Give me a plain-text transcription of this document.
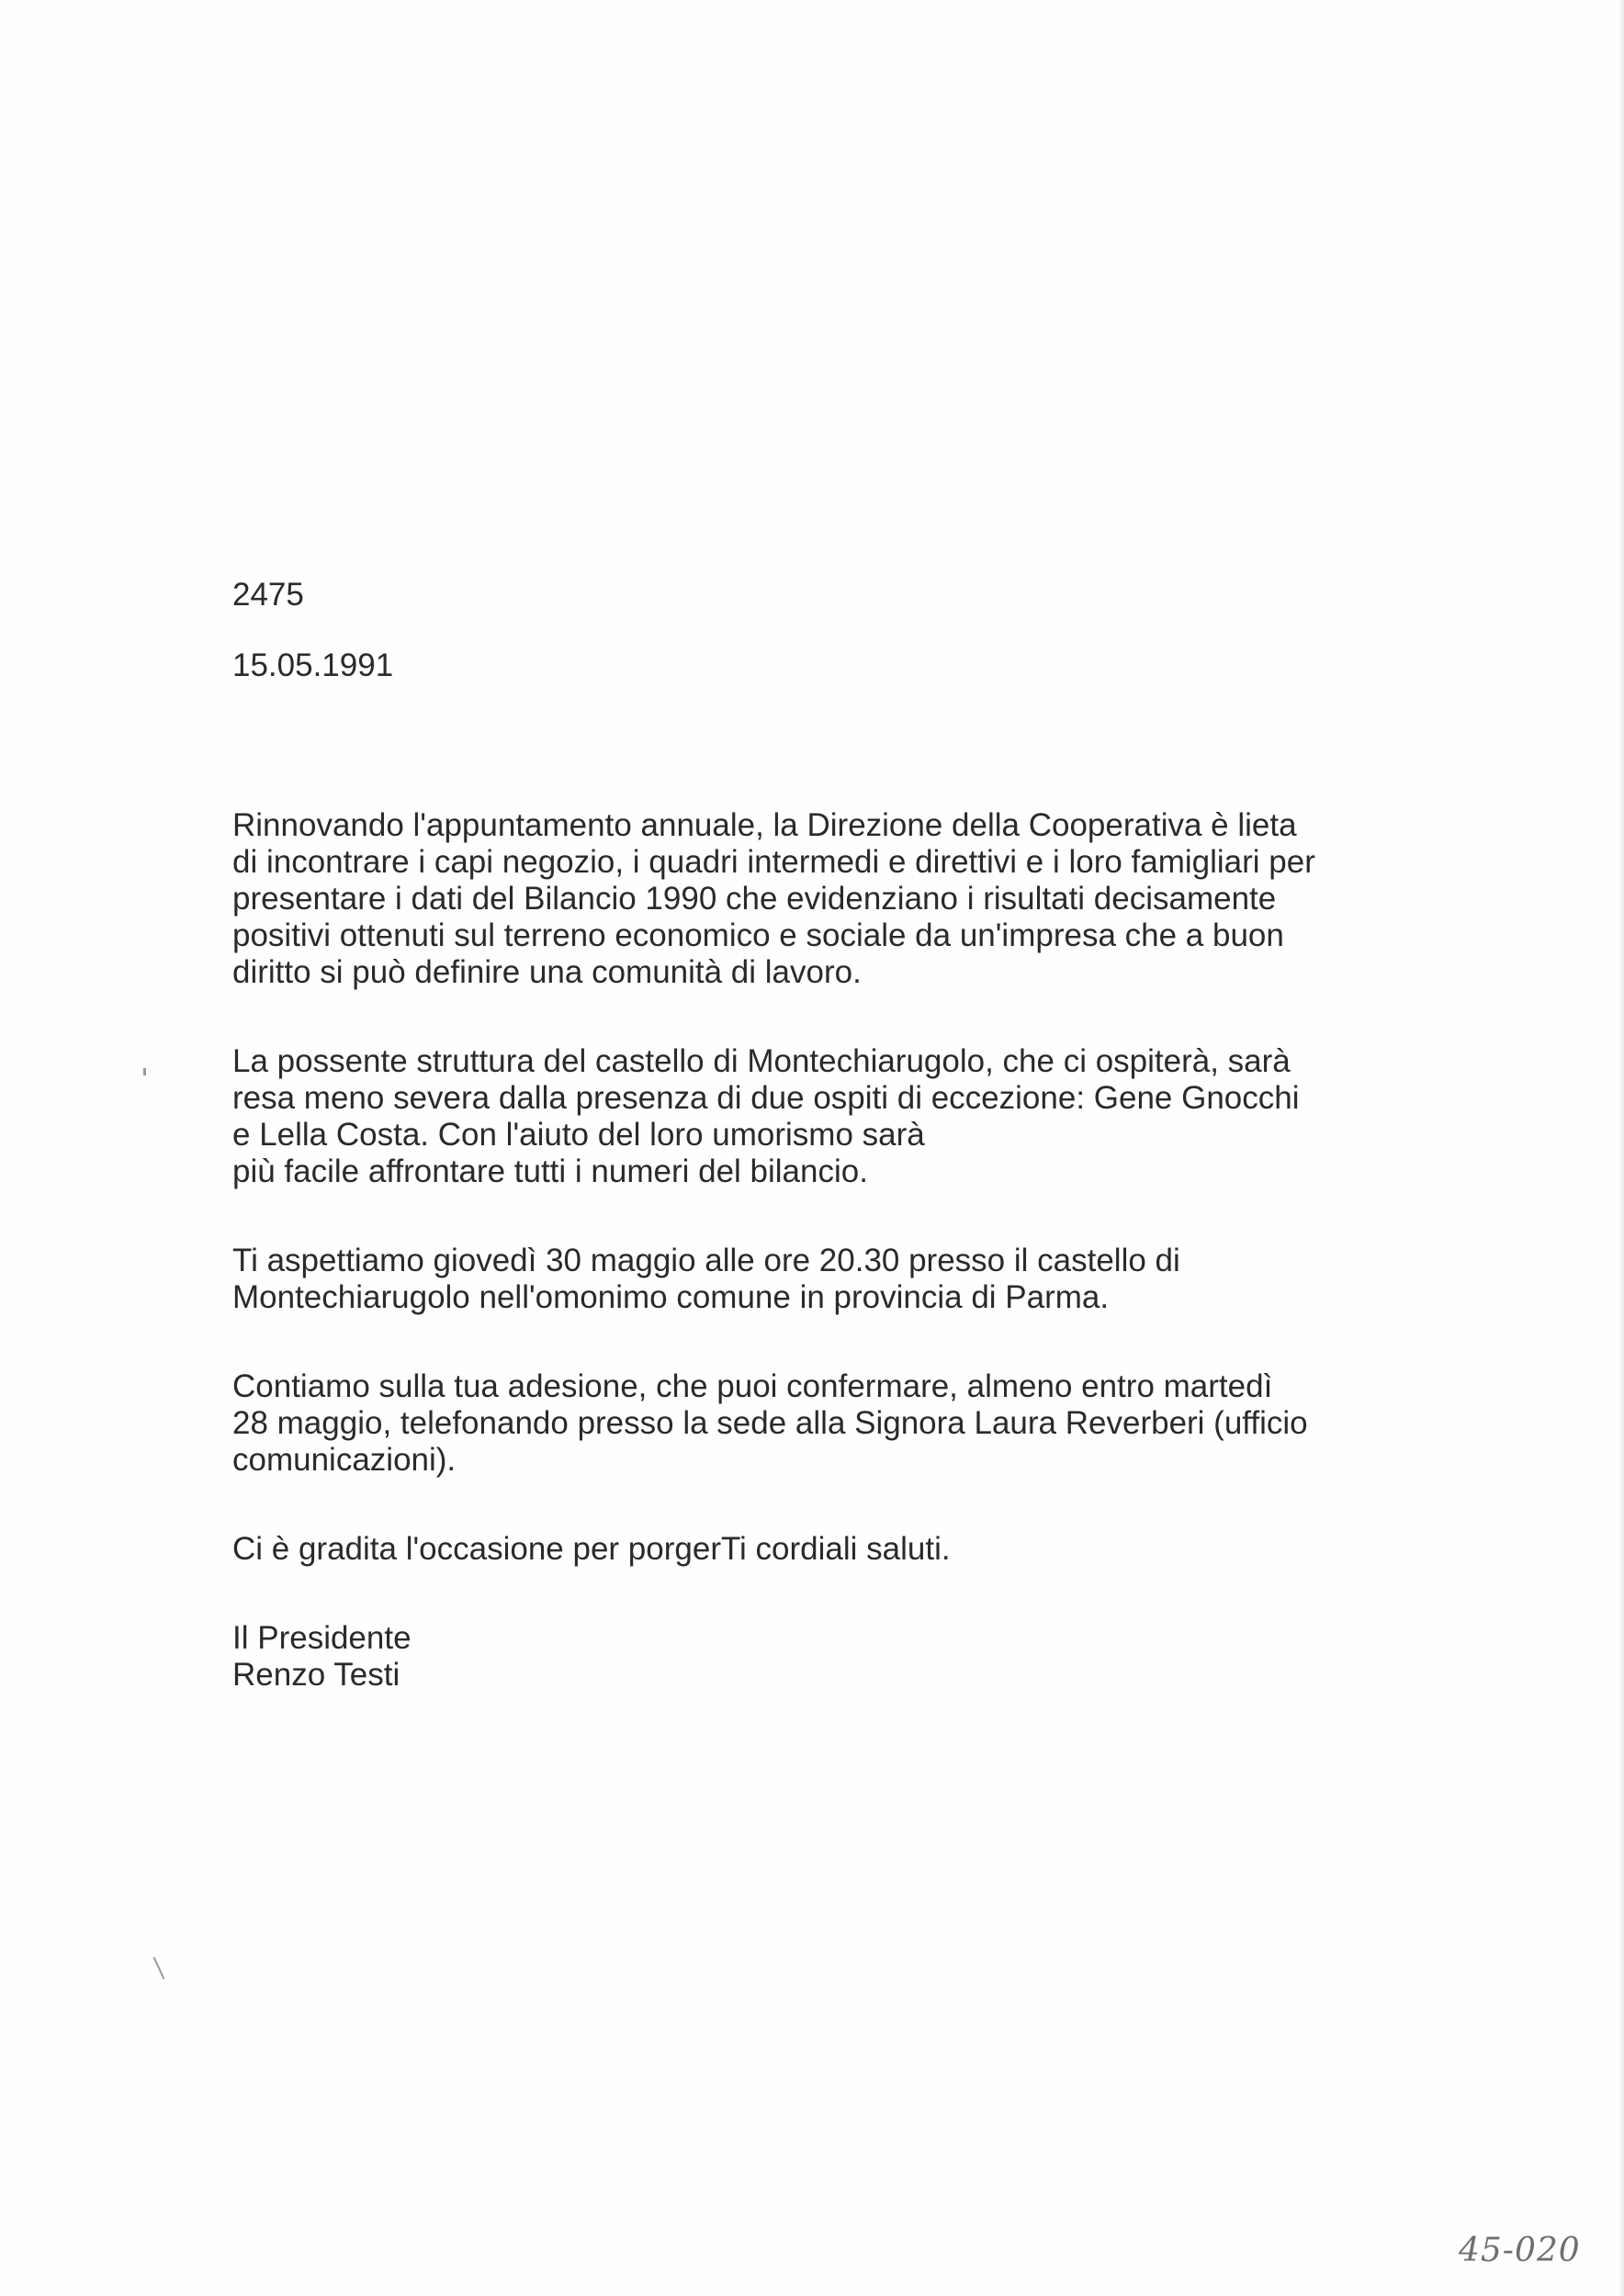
2475

15.05.1991

Rinnovando l'appuntamento annuale, la Direzione della Cooperativa è lieta
di incontrare i capi negozio, i quadri intermedi e direttivi e i loro famigliari per
presentare i dati del Bilancio 1990 che evidenziano i risultati decisamente
positivi ottenuti sul terreno economico e sociale da un'impresa che a buon
diritto si può definire una comunità di lavoro.

La possente struttura del castello di Montechiarugolo, che ci ospiterà, sarà
resa meno severa dalla presenza di due ospiti di eccezione: Gene Gnocchi
e Lella Costa. Con l'aiuto del loro umorismo sarà
più facile affrontare tutti i numeri del bilancio.

Ti aspettiamo giovedì 30 maggio alle ore 20.30 presso il castello di
Montechiarugolo nell'omonimo comune in provincia di Parma.

Contiamo sulla tua adesione, che puoi confermare, almeno entro martedì
28 maggio, telefonando presso la sede alla Signora Laura Reverberi (ufficio
comunicazioni).

Ci è gradita l'occasione per porgerTi cordiali saluti.

Il Presidente
Renzo Testi

45-020
